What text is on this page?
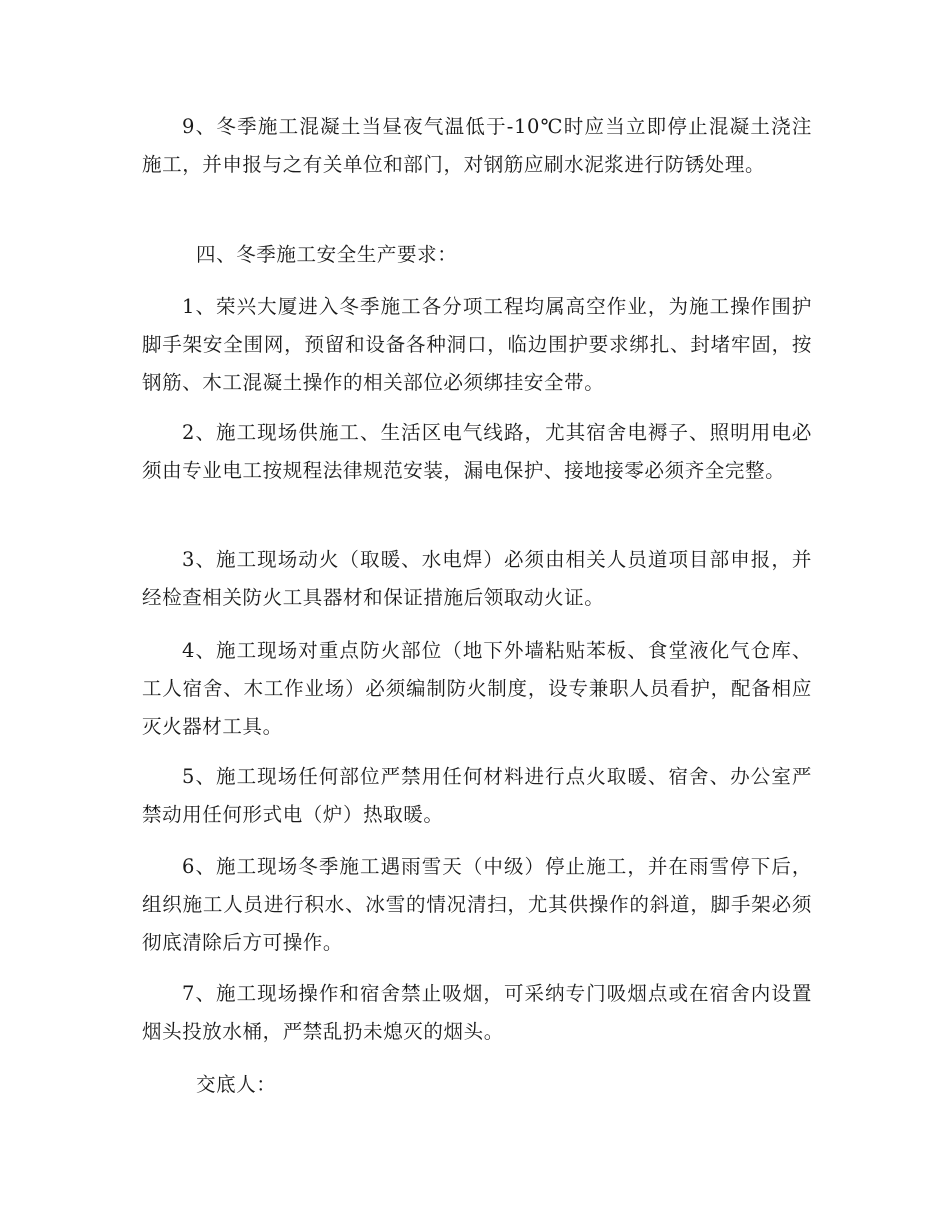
9、冬季施工混凝土当昼夜气温低于-10℃时应当立即停止混凝土浇注施工，并申报与之有关单位和部门，对钢筋应刷水泥浆进行防锈处理。

四、冬季施工安全生产要求：

1、荣兴大厦进入冬季施工各分项工程均属高空作业，为施工操作围护脚手架安全围网，预留和设备各种洞口，临边围护要求绑扎、封堵牢固，按钢筋、木工混凝土操作的相关部位必须绑挂安全带。

2、施工现场供施工、生活区电气线路，尤其宿舍电褥子、照明用电必须由专业电工按规程法律规范安装，漏电保护、接地接零必须齐全完整。

3、施工现场动火（取暖、水电焊）必须由相关人员道项目部申报，并经检查相关防火工具器材和保证措施后领取动火证。

4、施工现场对重点防火部位（地下外墙粘贴苯板、食堂液化气仓库、工人宿舍、木工作业场）必须编制防火制度，设专兼职人员看护，配备相应灭火器材工具。

5、施工现场任何部位严禁用任何材料进行点火取暖、宿舍、办公室严禁动用任何形式电（炉）热取暖。

6、施工现场冬季施工遇雨雪天（中级）停止施工，并在雨雪停下后，组织施工人员进行积水、冰雪的情况清扫，尤其供操作的斜道，脚手架必须彻底清除后方可操作。

7、施工现场操作和宿舍禁止吸烟，可采纳专门吸烟点或在宿舍内设置烟头投放水桶，严禁乱扔未熄灭的烟头。

交底人：
